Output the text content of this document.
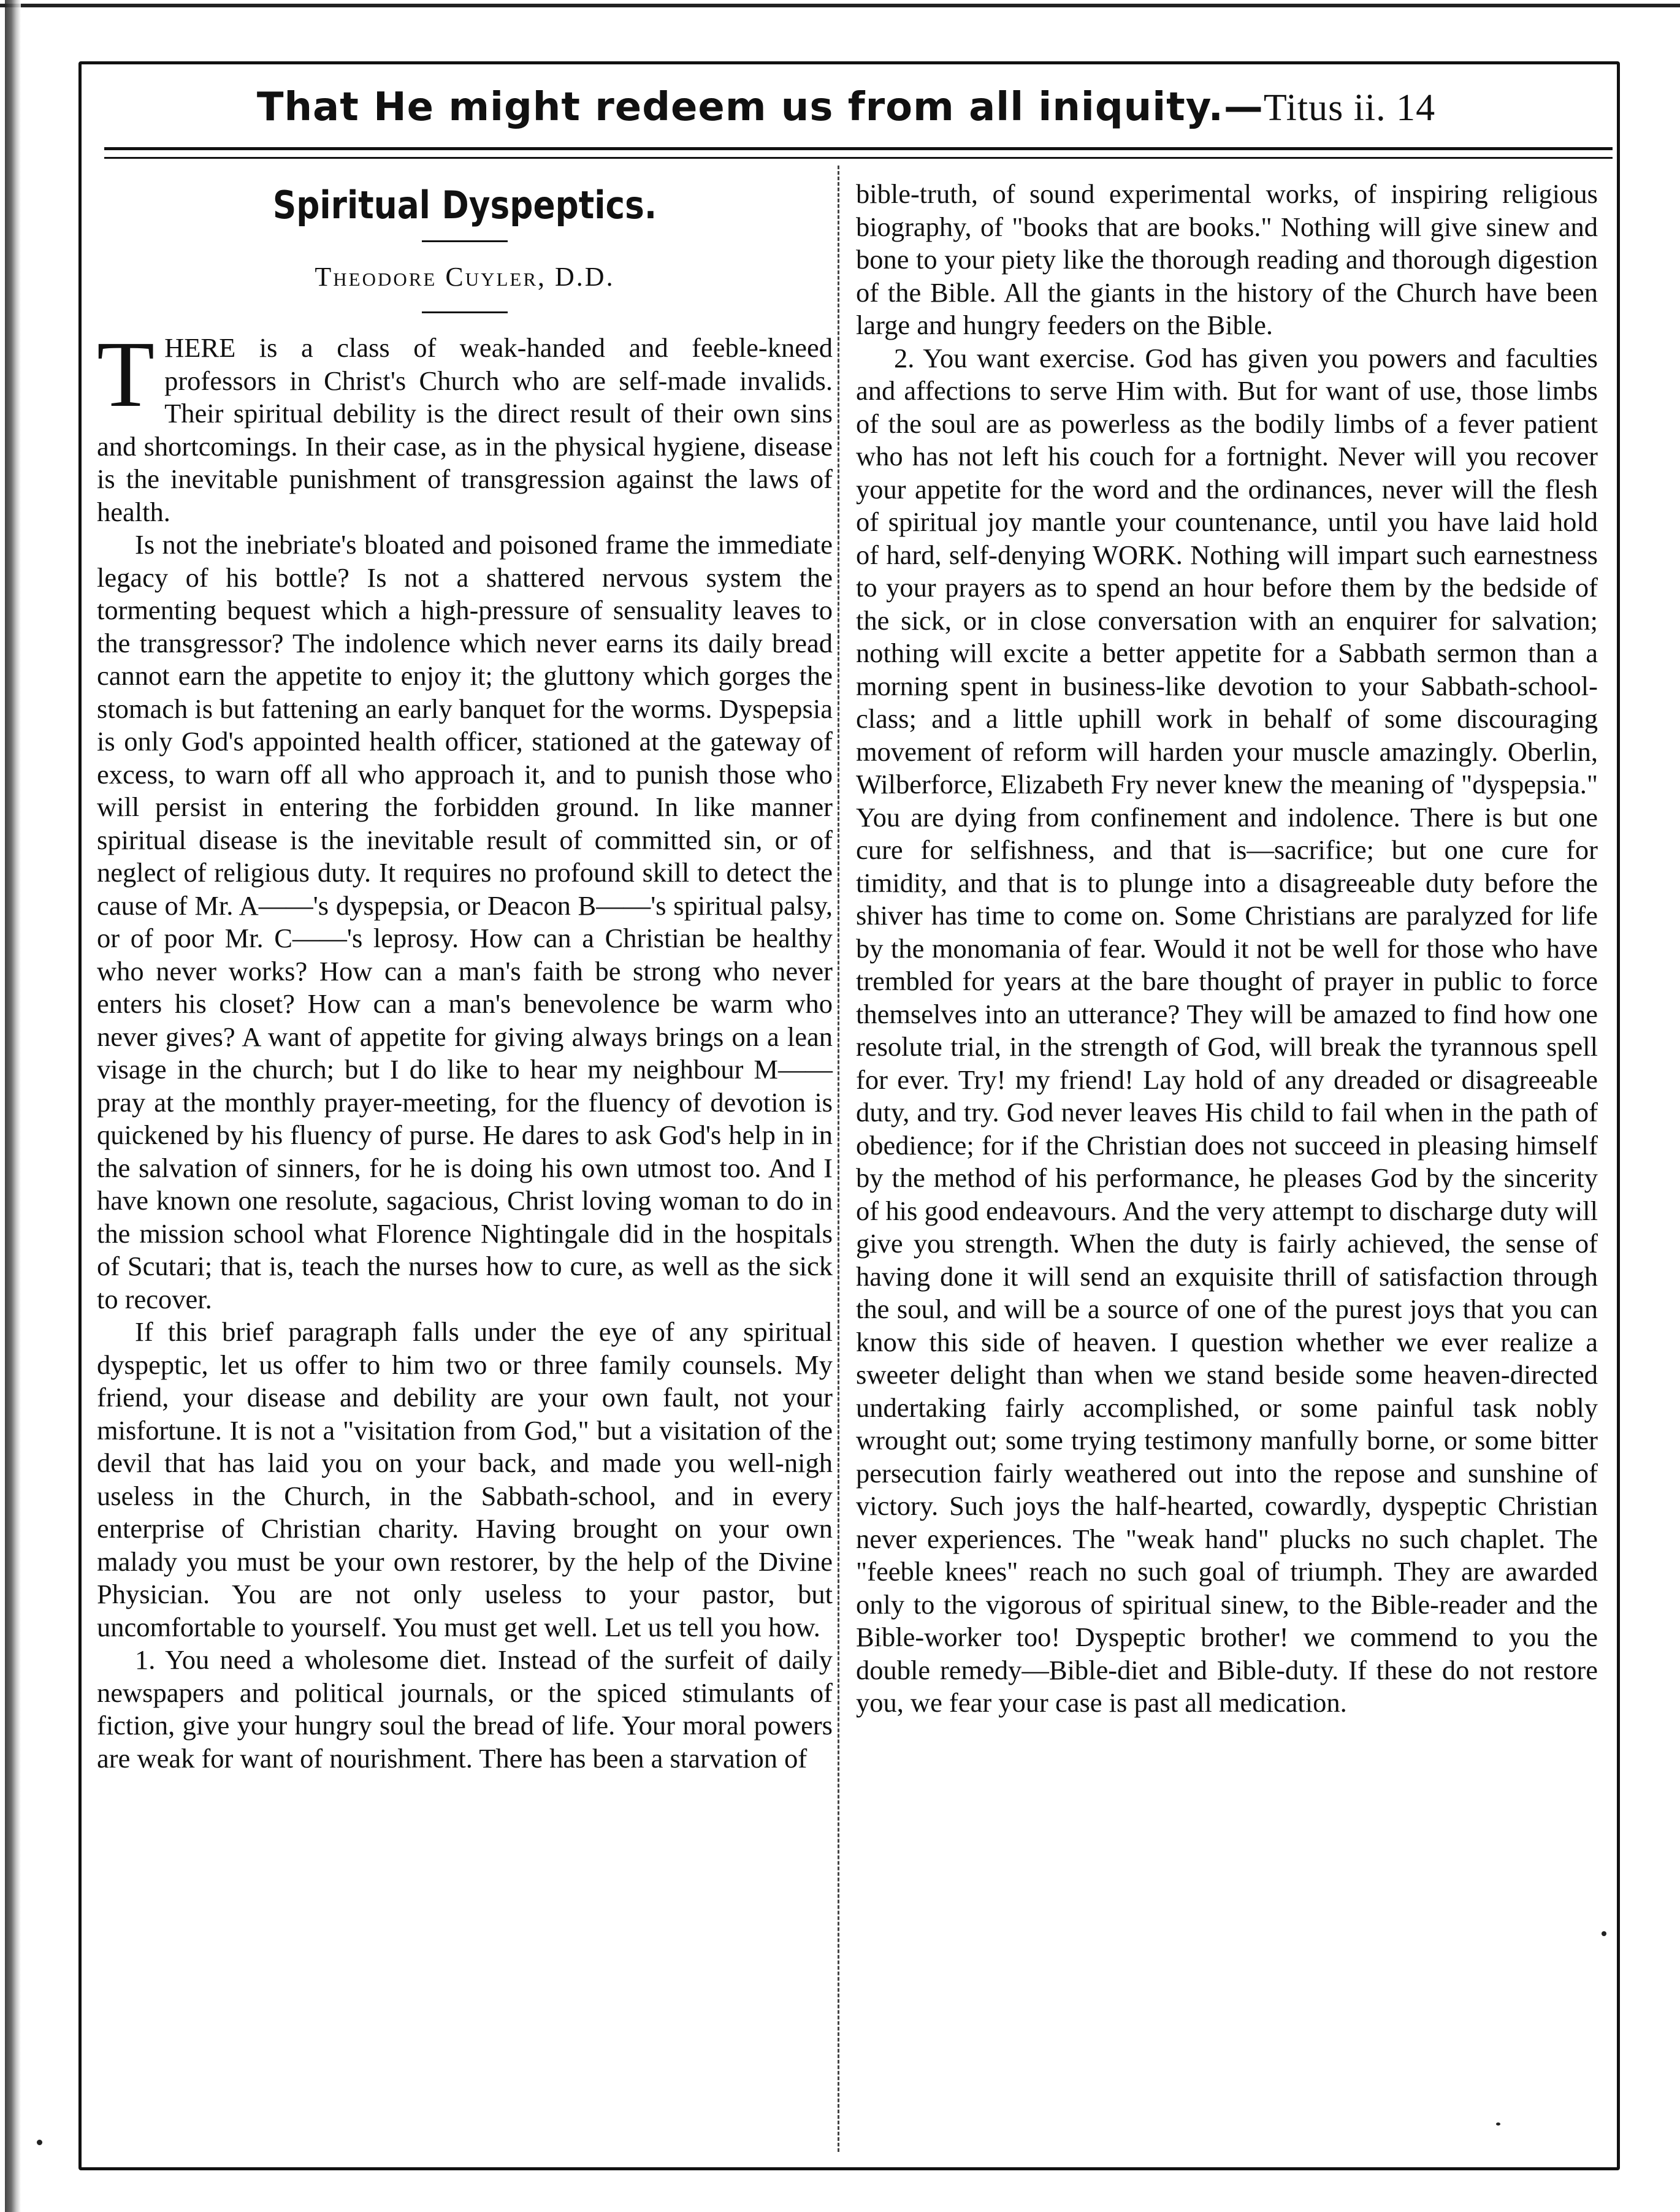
That He might redeem us from all iniquity.—Titus ii. 14
Spiritual Dyspeptics.
Theodore Cuyler, D.D.

THERE is a class of weak-handed and feeble-kneed professors in Christ's Church who are self-made invalids. Their spiritual debility is the direct result of their own sins and shortcomings. In their case, as in the physical hygiene, disease is the inevitable punishment of transgression against the laws of health.

Is not the inebriate's bloated and poisoned frame the immediate legacy of his bottle? Is not a shattered nervous system the tormenting bequest which a high-pressure of sensuality leaves to the transgressor? The indolence which never earns its daily bread cannot earn the appetite to enjoy it; the gluttony which gorges the stomach is but fattening an early banquet for the worms. Dyspepsia is only God's appointed health officer, stationed at the gateway of excess, to warn off all who approach it, and to punish those who will persist in entering the forbidden ground. In like manner spiritual disease is the inevitable result of committed sin, or of neglect of religious duty. It requires no profound skill to detect the cause of Mr. A——'s dyspepsia, or Deacon B——'s spiritual palsy, or of poor Mr. C——'s leprosy. How can a Christian be healthy who never works? How can a man's faith be strong who never enters his closet? How can a man's benevolence be warm who never gives? A want of appetite for giving always brings on a lean visage in the church; but I do like to hear my neighbour M——pray at the monthly prayer-meeting, for the fluency of devotion is quickened by his fluency of purse. He dares to ask God's help in in the salvation of sinners, for he is doing his own utmost too. And I have known one resolute, sagacious, Christ loving woman to do in the mission school what Florence Nightingale did in the hospitals of Scutari; that is, teach the nurses how to cure, as well as the sick to recover.

If this brief paragraph falls under the eye of any spiritual dyspeptic, let us offer to him two or three family counsels. My friend, your disease and debility are your own fault, not your misfortune. It is not a "visitation from God," but a visitation of the devil that has laid you on your back, and made you well-nigh useless in the Church, in the Sabbath-school, and in every enterprise of Christian charity. Having brought on your own malady you must be your own restorer, by the help of the Divine Physician. You are not only useless to your pastor, but uncomfortable to yourself. You must get well. Let us tell you how.

1. You need a wholesome diet. Instead of the surfeit of daily newspapers and political journals, or the spiced stimulants of fiction, give your hungry soul the bread of life. Your moral powers are weak for want of nourishment. There has been a starvation of

bible-truth, of sound experimental works, of inspiring religious biography, of "books that are books." Nothing will give sinew and bone to your piety like the thorough reading and thorough digestion of the Bible. All the giants in the history of the Church have been large and hungry feeders on the Bible.

2. You want exercise. God has given you powers and faculties and affections to serve Him with. But for want of use, those limbs of the soul are as powerless as the bodily limbs of a fever patient who has not left his couch for a fortnight. Never will you recover your appetite for the word and the ordinances, never will the flesh of spiritual joy mantle your countenance, until you have laid hold of hard, self-denying WORK. Nothing will impart such earnestness to your prayers as to spend an hour before them by the bedside of the sick, or in close conversation with an enquirer for salvation; nothing will excite a better appetite for a Sabbath sermon than a morning spent in business-like devotion to your Sabbath-school-class; and a little uphill work in behalf of some discouraging movement of reform will harden your muscle amazingly. Oberlin, Wilberforce, Elizabeth Fry never knew the meaning of "dyspepsia." You are dying from confinement and indolence. There is but one cure for selfishness, and that is—sacrifice; but one cure for timidity, and that is to plunge into a disagreeable duty before the shiver has time to come on. Some Christians are paralyzed for life by the monomania of fear. Would it not be well for those who have trembled for years at the bare thought of prayer in public to force themselves into an utterance? They will be amazed to find how one resolute trial, in the strength of God, will break the tyrannous spell for ever. Try! my friend! Lay hold of any dreaded or disagreeable duty, and try. God never leaves His child to fail when in the path of obedience; for if the Christian does not succeed in pleasing himself by the method of his performance, he pleases God by the sincerity of his good endeavours. And the very attempt to discharge duty will give you strength. When the duty is fairly achieved, the sense of having done it will send an exquisite thrill of satisfaction through the soul, and will be a source of one of the purest joys that you can know this side of heaven. I question whether we ever realize a sweeter delight than when we stand beside some heaven-directed undertaking fairly accomplished, or some painful task nobly wrought out; some trying testimony manfully borne, or some bitter persecution fairly weathered out into the repose and sunshine of victory. Such joys the half-hearted, cowardly, dyspeptic Christian never experiences. The "weak hand" plucks no such chaplet. The "feeble knees" reach no such goal of triumph. They are awarded only to the vigorous of spiritual sinew, to the Bible-reader and the Bible-worker too! Dyspeptic brother! we commend to you the double remedy—Bible-diet and Bible-duty. If these do not restore you, we fear your case is past all medication.
